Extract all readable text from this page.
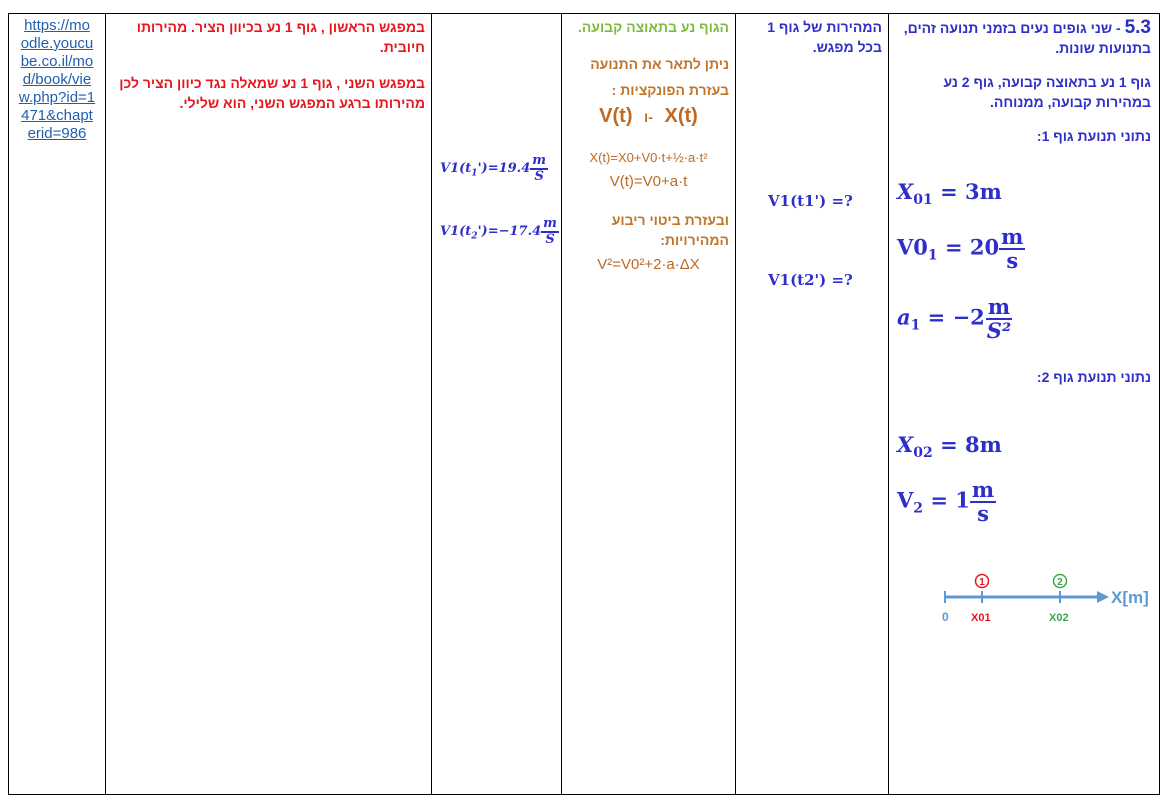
https://mo
odle.youcu
be.co.il/mo
d/book/vie
w.php?id=1
471&chapt
erid=986

במפגש הראשון , גוף 1 נע בכיוון הציר. מהירותו חיובית.
במפגש השני , גוף 1 נע שמאלה נגד כיוון הציר לכן מהירותו ברגע המפגש השני, הוא שלילי.

$V1(t_1')=19.4 \frac{m}{S}$
$V1(t_2')=-17.4 \frac{m}{S}$

הגוף נע בתאוצה קבועה.
ניתן לתאר את התנועה בעזרת הפונקציות :
V(t) ו- X(t)
X(t)=X0+V0·t+½·a·t²
V(t)=V0+a·t
ובעזרת ביטוי ריבוע המהירויות:
V²=V0²+2·a·ΔX

המהירות של גוף 1 בכל מפגש.
V1(t1') =?
V1(t2') =?

5.3 - שני גופים נעים בזמני תנועה זהים, בתנועות שונות.
גוף 1 נע בתאוצה קבועה, גוף 2 נע במהירות קבועה, ממנוחה.
נתוני תנועת גוף 1:
$X_{01} = 3m$
$V0_1 = 20 \frac{m}{s}$
$a_1 = -2 \frac{m}{\text{S²}}$
נתוני תנועת גוף 2:
$X_{02} = 8m$
$V_2 = 1 \frac{m}{s}$
1	2
X[m]
0 X01	X02
